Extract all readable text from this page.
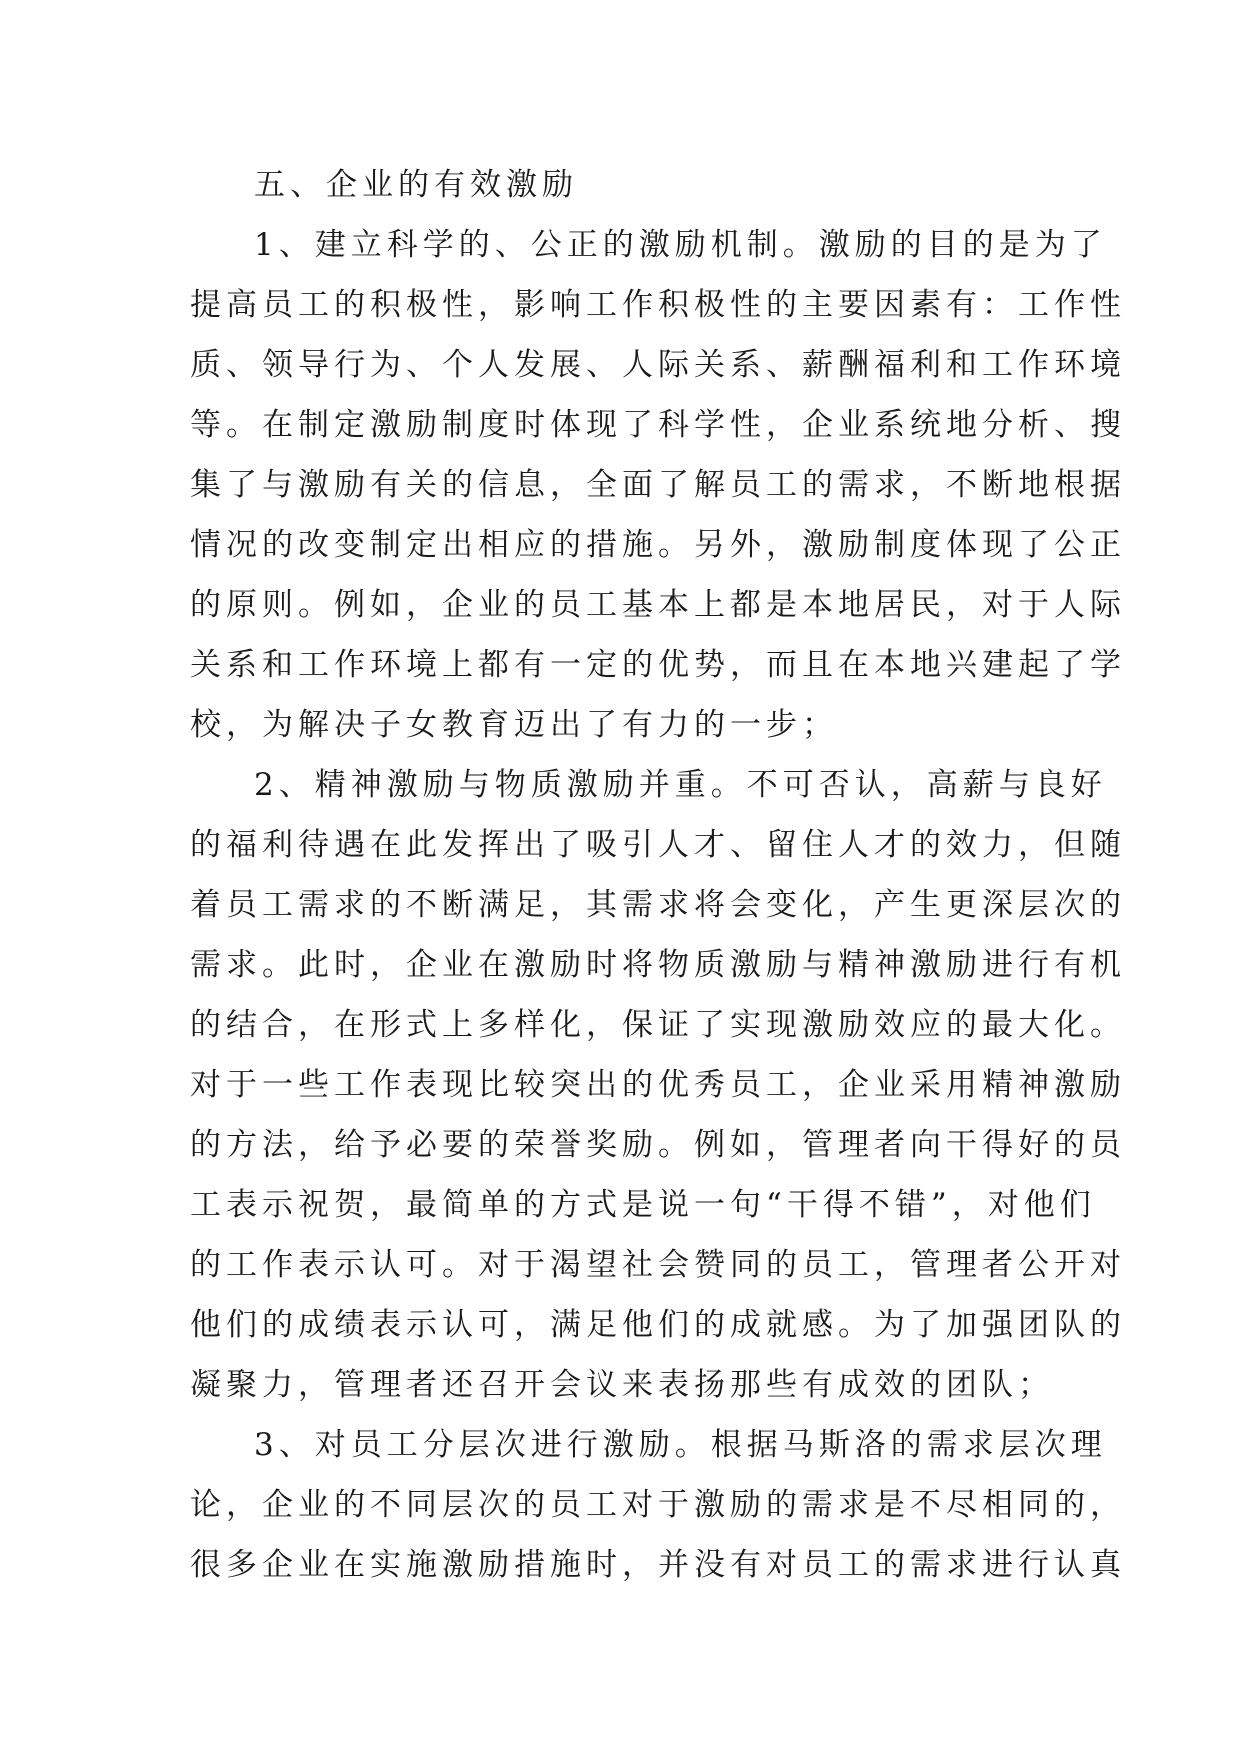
五、企业的有效激励
1、建立科学的、公正的激励机制。激励的目的是为了
提高员工的积极性，影响工作积极性的主要因素有：工作性
质、领导行为、个人发展、人际关系、薪酬福利和工作环境
等。在制定激励制度时体现了科学性，企业系统地分析、搜
集了与激励有关的信息，全面了解员工的需求，不断地根据
情况的改变制定出相应的措施。另外，激励制度体现了公正
的原则。例如，企业的员工基本上都是本地居民，对于人际
关系和工作环境上都有一定的优势，而且在本地兴建起了学
校，为解决子女教育迈出了有力的一步；
2、精神激励与物质激励并重。不可否认，高薪与良好
的福利待遇在此发挥出了吸引人才、留住人才的效力，但随
着员工需求的不断满足，其需求将会变化，产生更深层次的
需求。此时，企业在激励时将物质激励与精神激励进行有机
的结合，在形式上多样化，保证了实现激励效应的最大化。
对于一些工作表现比较突出的优秀员工，企业采用精神激励
的方法，给予必要的荣誉奖励。例如，管理者向干得好的员
工表示祝贺，最简单的方式是说一句“干得不错”，对他们
的工作表示认可。对于渴望社会赞同的员工，管理者公开对
他们的成绩表示认可，满足他们的成就感。为了加强团队的
凝聚力，管理者还召开会议来表扬那些有成效的团队；
3、对员工分层次进行激励。根据马斯洛的需求层次理
论，企业的不同层次的员工对于激励的需求是不尽相同的，
很多企业在实施激励措施时，并没有对员工的需求进行认真
